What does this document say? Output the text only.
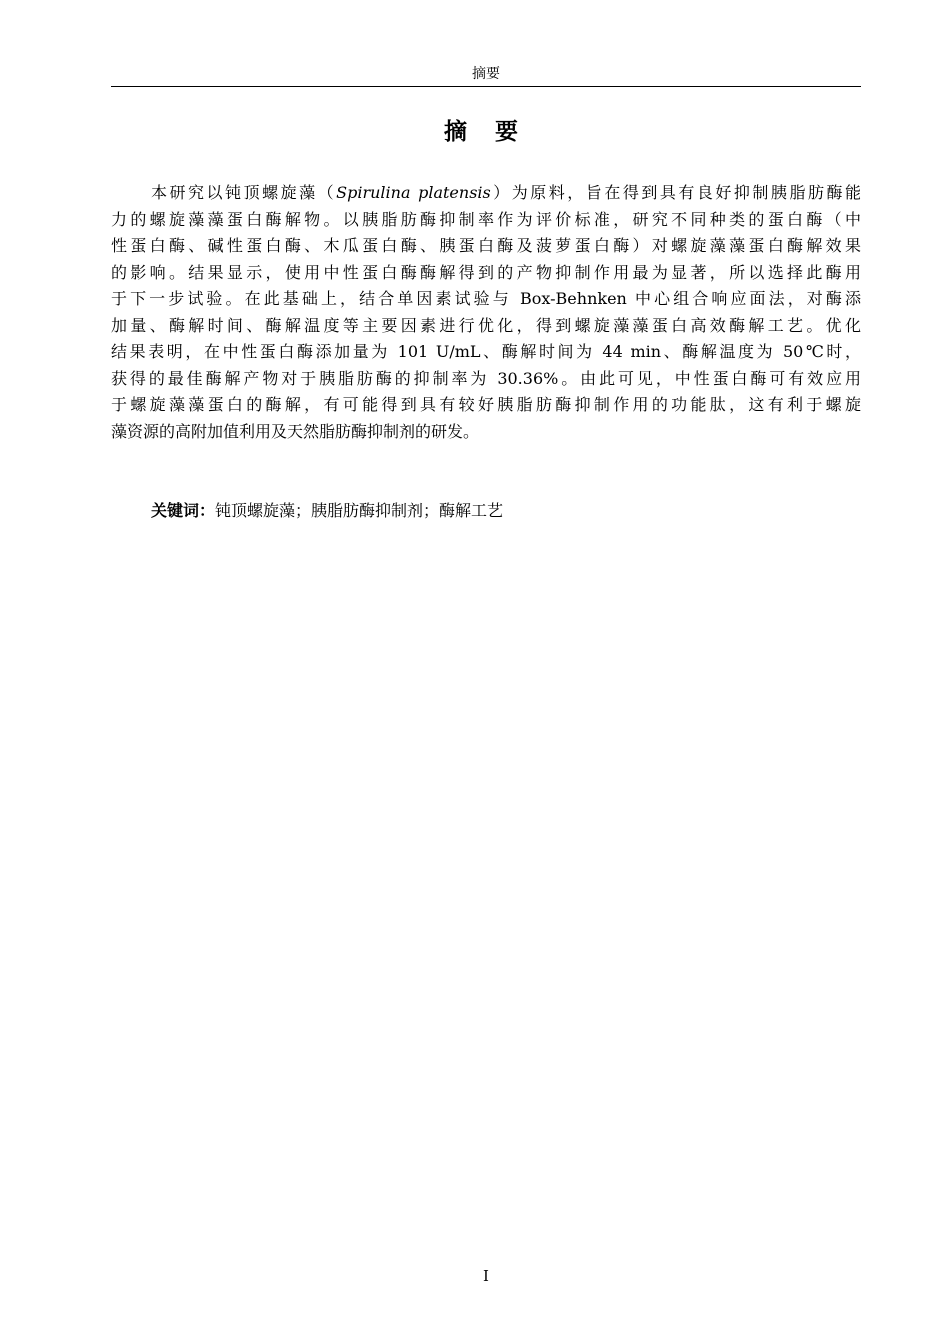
摘要
摘 要
本研究以钝顶螺旋藻（Spirulina platensis）为原料，旨在得到具有良好抑制胰脂肪酶能
力的螺旋藻藻蛋白酶解物。以胰脂肪酶抑制率作为评价标准，研究不同种类的蛋白酶（中
性蛋白酶、碱性蛋白酶、木瓜蛋白酶、胰蛋白酶及菠萝蛋白酶）对螺旋藻藻蛋白酶解效果
的影响。结果显示，使用中性蛋白酶酶解得到的产物抑制作用最为显著，所以选择此酶用
于下一步试验。在此基础上，结合单因素试验与 Box-Behnken 中心组合响应面法，对酶添
加量、酶解时间、酶解温度等主要因素进行优化，得到螺旋藻藻蛋白高效酶解工艺。优化
结果表明，在中性蛋白酶添加量为 101 U/mL、酶解时间为 44 min、酶解温度为 50℃时，
获得的最佳酶解产物对于胰脂肪酶的抑制率为 30.36%。由此可见，中性蛋白酶可有效应用
于螺旋藻藻蛋白的酶解，有可能得到具有较好胰脂肪酶抑制作用的功能肽，这有利于螺旋
藻资源的高附加值利用及天然脂肪酶抑制剂的研发。
关键词：钝顶螺旋藻；胰脂肪酶抑制剂；酶解工艺
I
